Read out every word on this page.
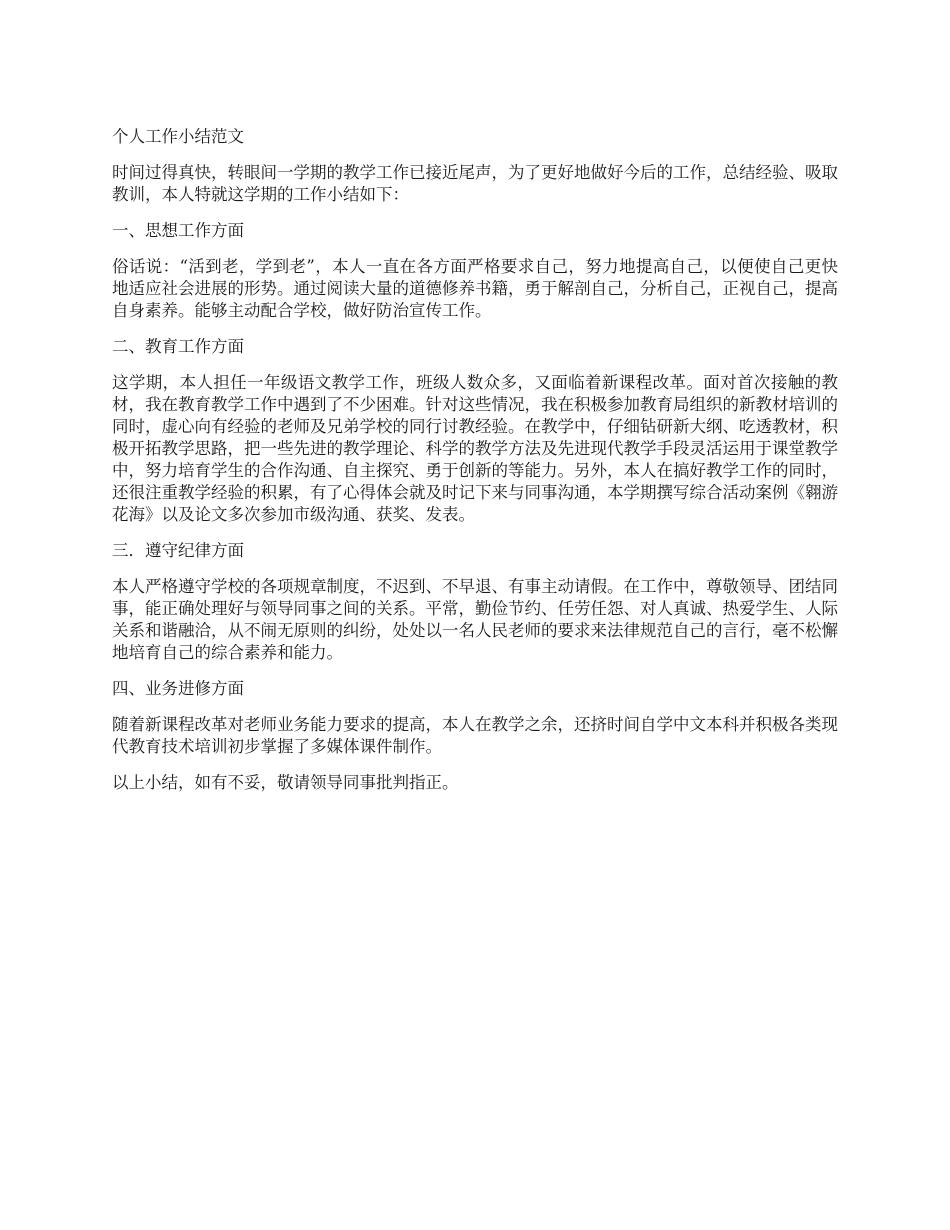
个人工作小结范文

时间过得真快，转眼间一学期的教学工作已接近尾声，为了更好地做好今后的工作，总结经验、吸取教训，本人特就这学期的工作小结如下：

一、思想工作方面

俗话说：“活到老，学到老”，本人一直在各方面严格要求自己，努力地提高自己，以便使自己更快地适应社会进展的形势。通过阅读大量的道德修养书籍，勇于解剖自己，分析自己，正视自己，提高自身素养。能够主动配合学校，做好防治宣传工作。

二、教育工作方面

这学期，本人担任一年级语文教学工作，班级人数众多，又面临着新课程改革。面对首次接触的教材，我在教育教学工作中遇到了不少困难。针对这些情况，我在积极参加教育局组织的新教材培训的同时，虚心向有经验的老师及兄弟学校的同行讨教经验。在教学中，仔细钻研新大纲、吃透教材，积极开拓教学思路，把一些先进的教学理论、科学的教学方法及先进现代教学手段灵活运用于课堂教学中，努力培育学生的合作沟通、自主探究、勇于创新的等能力。另外，本人在搞好教学工作的同时，还很注重教学经验的积累，有了心得体会就及时记下来与同事沟通，本学期撰写综合活动案例《翱游花海》以及论文多次参加市级沟通、获奖、发表。

三．遵守纪律方面

本人严格遵守学校的各项规章制度，不迟到、不早退、有事主动请假。在工作中，尊敬领导、团结同事，能正确处理好与领导同事之间的关系。平常，勤俭节约、任劳任怨、对人真诚、热爱学生、人际关系和谐融洽，从不闹无原则的纠纷，处处以一名人民老师的要求来法律规范自己的言行，毫不松懈地培育自己的综合素养和能力。

四、业务进修方面

随着新课程改革对老师业务能力要求的提高，本人在教学之余，还挤时间自学中文本科并积极各类现代教育技术培训初步掌握了多媒体课件制作。

以上小结，如有不妥，敬请领导同事批判指正。
